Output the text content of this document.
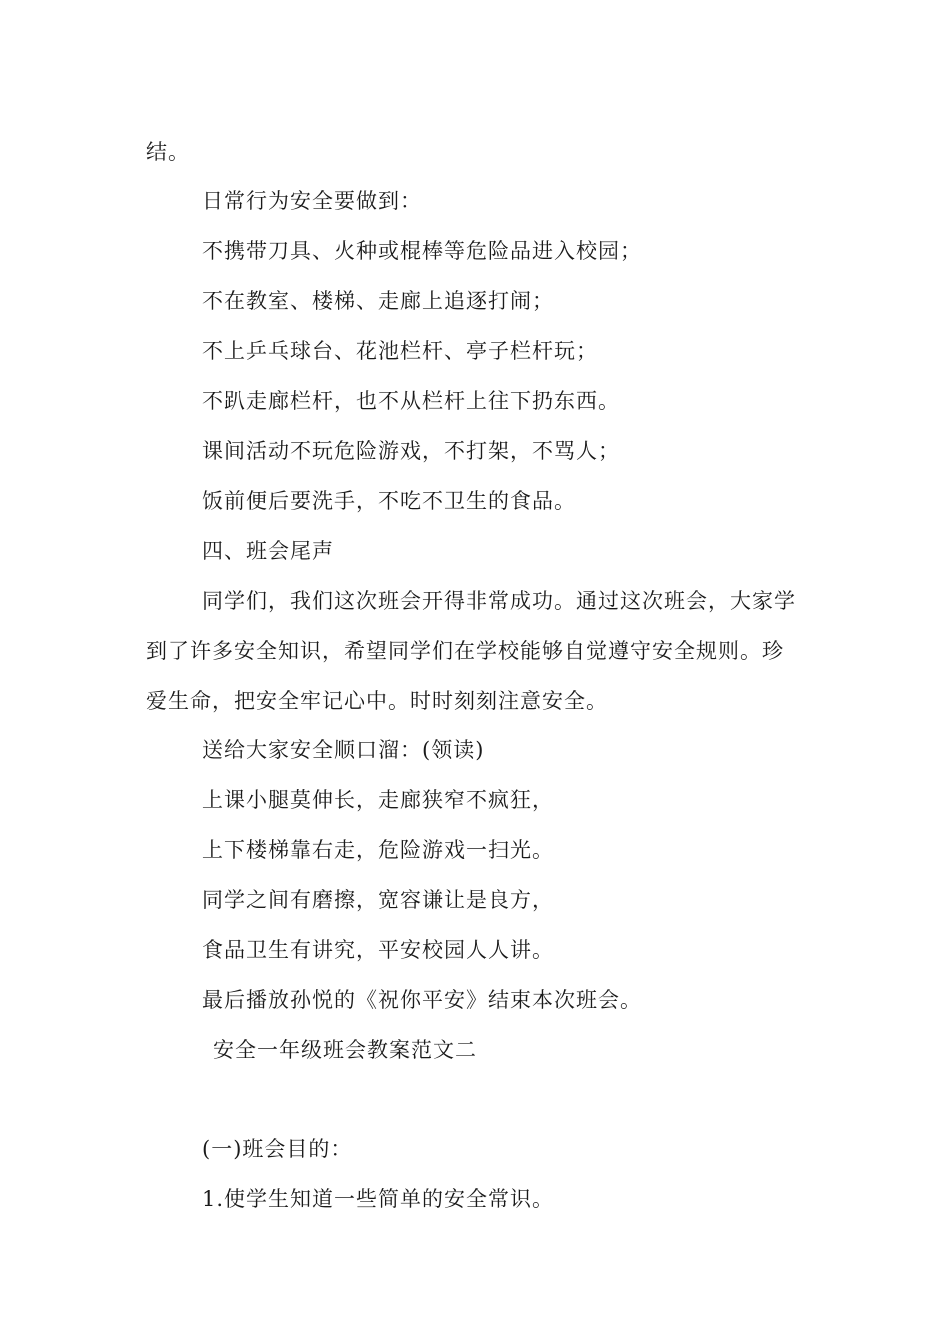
结。
日常行为安全要做到：
不携带刀具、火种或棍棒等危险品进入校园；
不在教室、楼梯、走廊上追逐打闹；
不上乒乓球台、花池栏杆、亭子栏杆玩；
不趴走廊栏杆，也不从栏杆上往下扔东西。
课间活动不玩危险游戏，不打架，不骂人；
饭前便后要洗手，不吃不卫生的食品。
四、班会尾声
同学们，我们这次班会开得非常成功。通过这次班会，大家学
到了许多安全知识，希望同学们在学校能够自觉遵守安全规则。珍
爱生命，把安全牢记心中。时时刻刻注意安全。
送给大家安全顺口溜：(领读)
上课小腿莫伸长，走廊狭窄不疯狂，
上下楼梯靠右走，危险游戏一扫光。
同学之间有磨擦，宽容谦让是良方，
食品卫生有讲究，平安校园人人讲。
最后播放孙悦的《祝你平安》结束本次班会。
安全一年级班会教案范文二
(一)班会目的：
1.使学生知道一些简单的安全常识。
